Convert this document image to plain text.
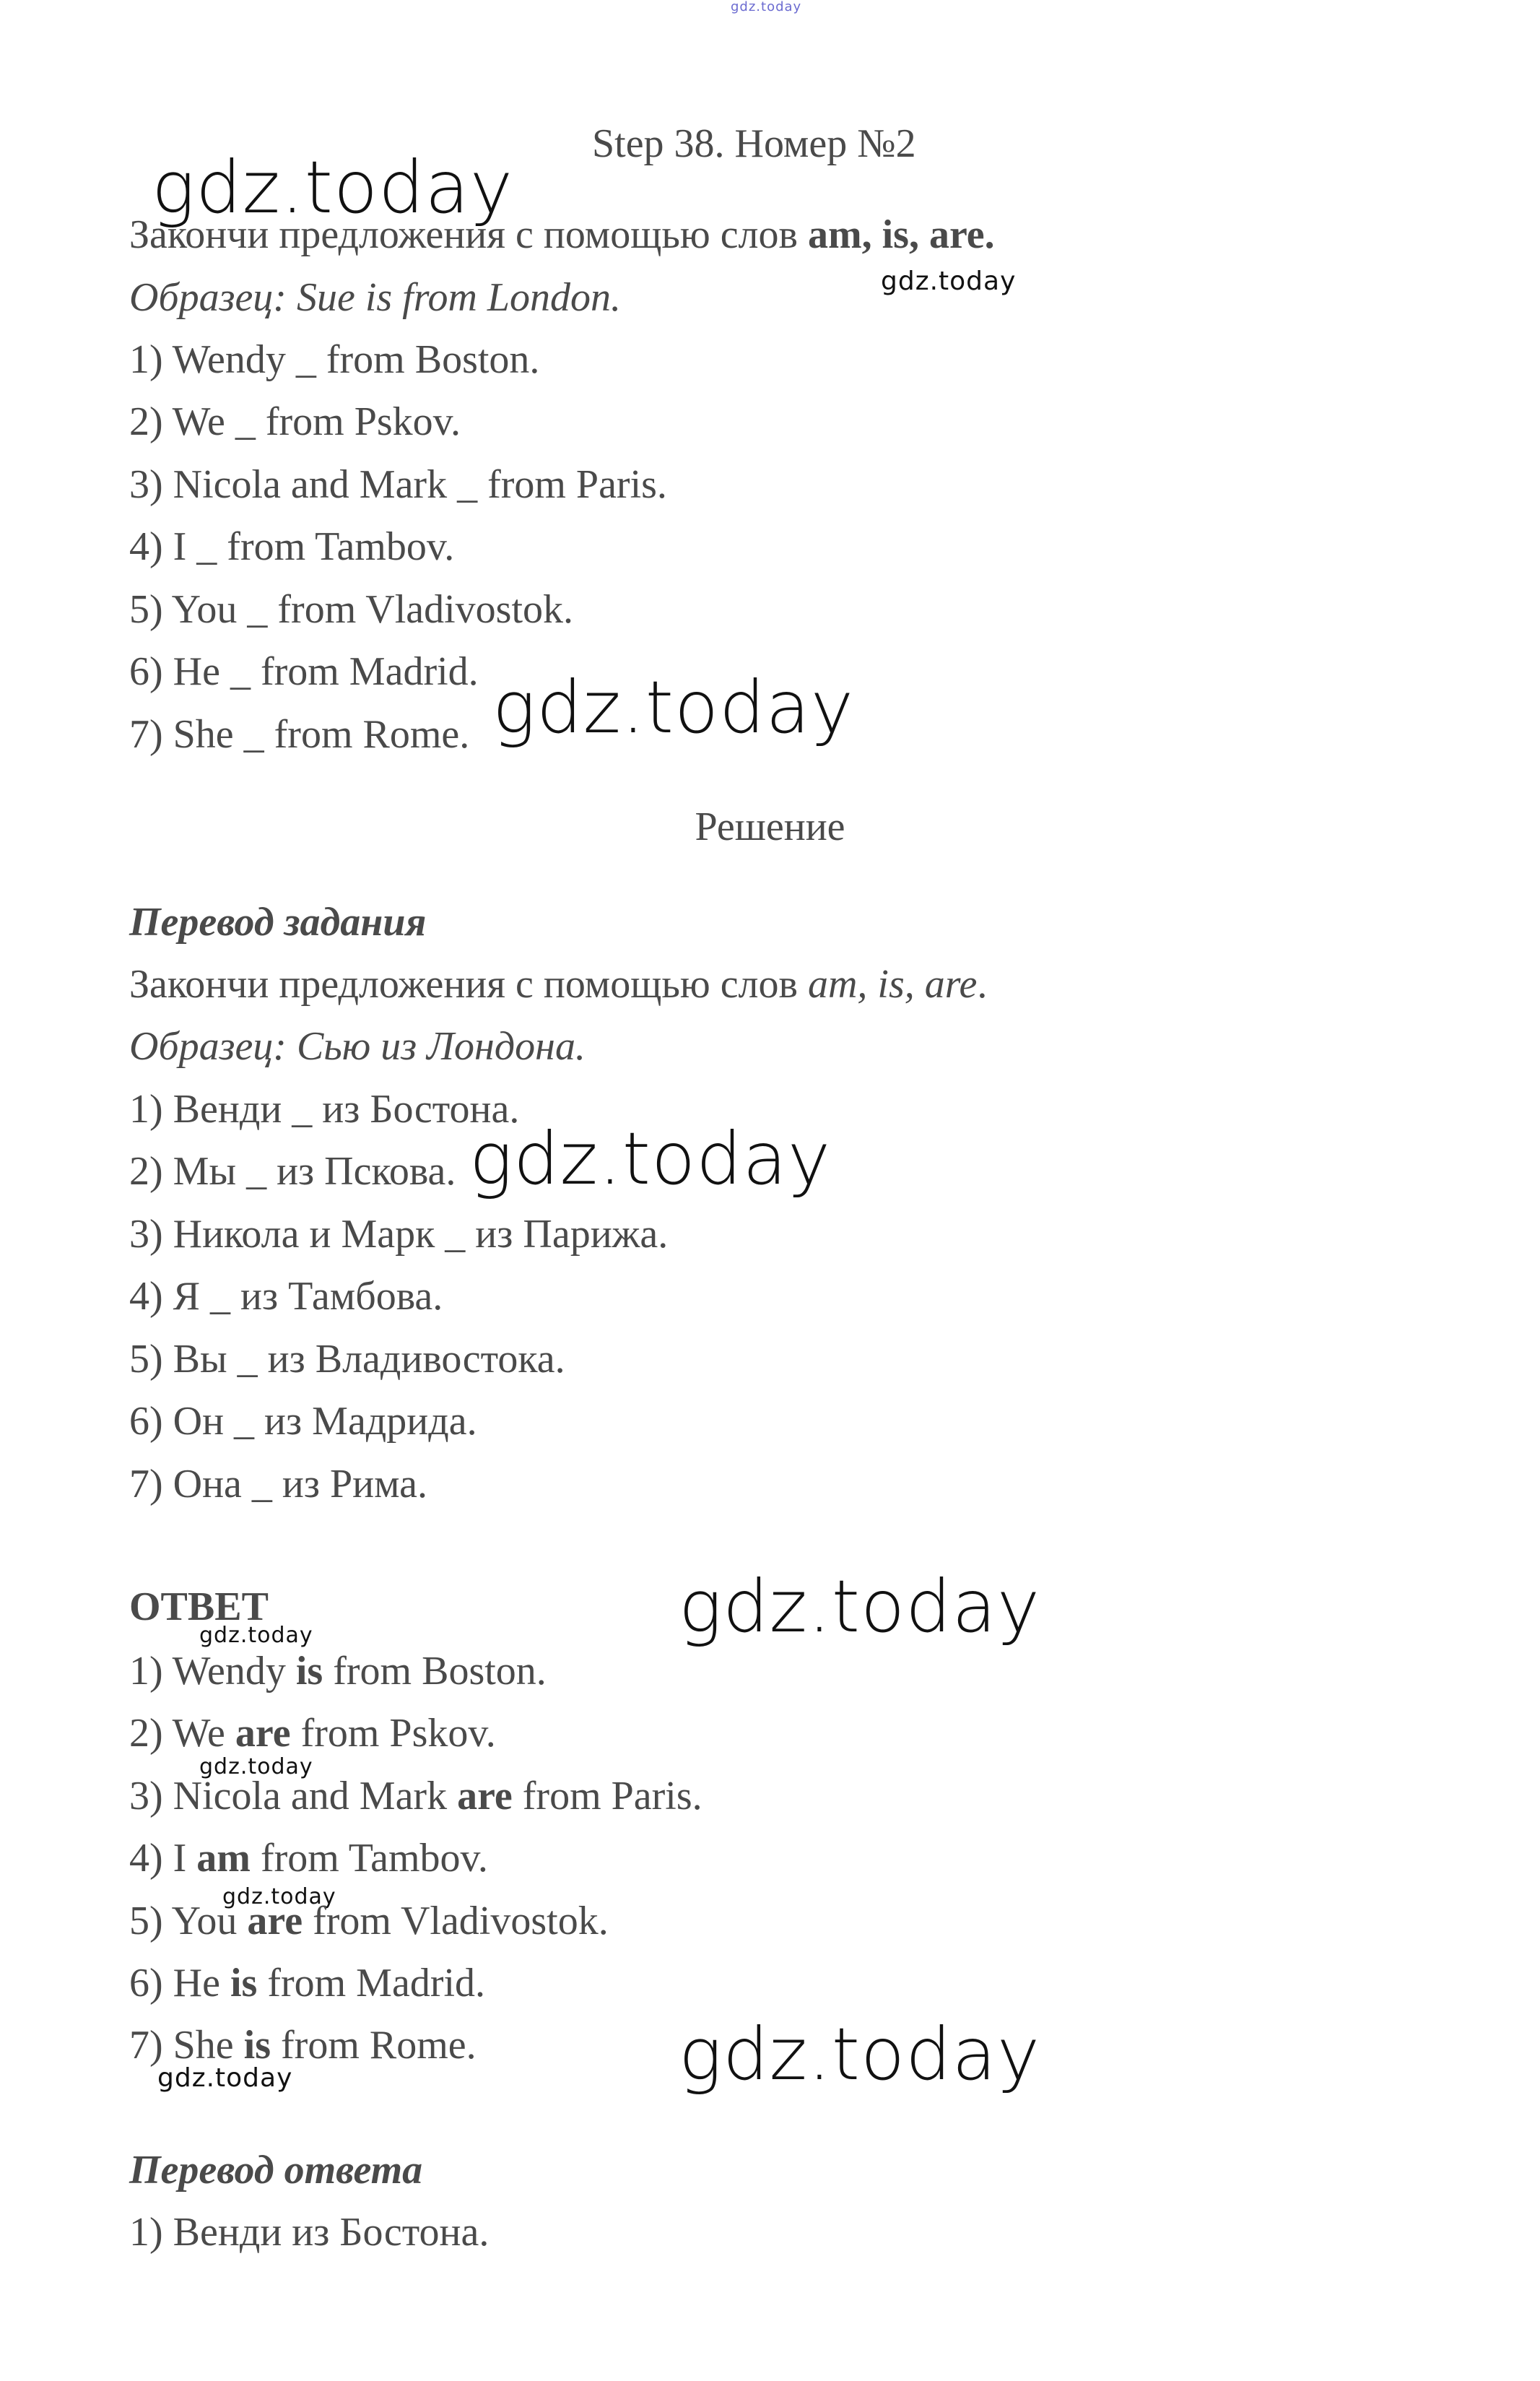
gdz.today
gdz.today
gdz.today
gdz.today
gdz.today
gdz.today
gdz.today
gdz.today
gdz.today
gdz.today
gdz.today
Step 38. Номер №2
Закончи предложения с помощью слов am, is, are.
Образец: Sue is from London.
1) Wendy _ from Boston.
2) We _ from Pskov.
3) Nicola and Mark _ from Paris.
4) I _ from Tambov.
5) You _ from Vladivostok.
6) He _ from Madrid.
7) She _ from Rome.
Решение
Перевод задания
Закончи предложения с помощью слов am, is, are.
Образец: Сью из Лондона.
1) Венди _ из Бостона.
2) Мы _ из Пскова.
3) Никола и Марк _ из Парижа.
4) Я _ из Тамбова.
5) Вы _ из Владивостока.
6) Он _ из Мадрида.
7) Она _ из Рима.
ОТВЕТ
1) Wendy is from Boston.
2) We are from Pskov.
3) Nicola and Mark are from Paris.
4) I am from Tambov.
5) You are from Vladivostok.
6) He is from Madrid.
7) She is from Rome.
Перевод ответа
1) Венди из Бостона.
